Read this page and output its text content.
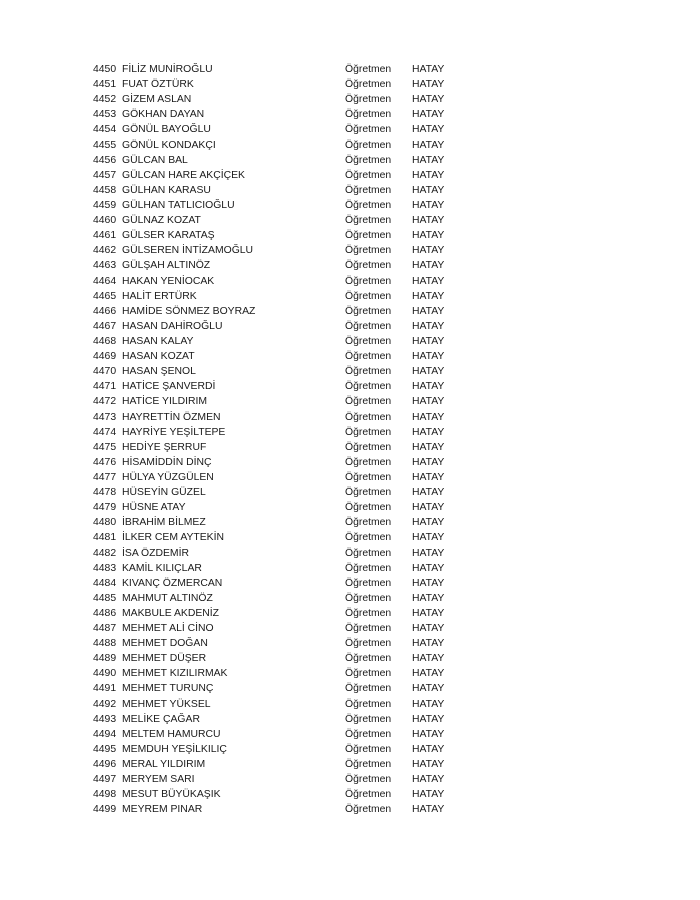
4450 FİLİZ MUNİROĞLU	Öğretmen HATAY
4451 FUAT ÖZTÜRK	Öğretmen HATAY
4452 GİZEM ASLAN	Öğretmen HATAY
4453 GÖKHAN DAYAN	Öğretmen HATAY
4454 GÖNÜL BAYOĞLU	Öğretmen HATAY
4455 GÖNÜL KONDAKÇI	Öğretmen HATAY
4456 GÜLCAN BAL	Öğretmen HATAY
4457 GÜLCAN HARE AKÇİÇEK	Öğretmen HATAY
4458 GÜLHAN KARASU	Öğretmen HATAY
4459 GÜLHAN TATLICIOĞLU	Öğretmen HATAY
4460 GÜLNAZ KOZAT	Öğretmen HATAY
4461 GÜLSER KARATAŞ	Öğretmen HATAY
4462 GÜLSEREN İNTİZAMOĞLU	Öğretmen HATAY
4463 GÜLŞAH ALTINÖZ	Öğretmen HATAY
4464 HAKAN YENİOCAK	Öğretmen HATAY
4465 HALİT ERTÜRK	Öğretmen HATAY
4466 HAMİDE SÖNMEZ BOYRAZ	Öğretmen HATAY
4467 HASAN DAHİROĞLU	Öğretmen HATAY
4468 HASAN KALAY	Öğretmen HATAY
4469 HASAN KOZAT	Öğretmen HATAY
4470 HASAN ŞENOL	Öğretmen HATAY
4471 HATİCE ŞANVERDİ	Öğretmen HATAY
4472 HATİCE YILDIRIM	Öğretmen HATAY
4473 HAYRETTİN ÖZMEN	Öğretmen HATAY
4474 HAYRİYE YEŞİLTEPE	Öğretmen HATAY
4475 HEDİYE ŞERRUF	Öğretmen HATAY
4476 HİSAMİDDİN DİNÇ	Öğretmen HATAY
4477 HÜLYA YÜZGÜLEN	Öğretmen HATAY
4478 HÜSEYİN GÜZEL	Öğretmen HATAY
4479 HÜSNE ATAY	Öğretmen HATAY
4480 İBRAHİM BİLMEZ	Öğretmen HATAY
4481 İLKER CEM AYTEKİN	Öğretmen HATAY
4482 İSA ÖZDEMİR	Öğretmen HATAY
4483 KAMİL KILIÇLAR	Öğretmen HATAY
4484 KIVANÇ ÖZMERCAN	Öğretmen HATAY
4485 MAHMUT ALTINÖZ	Öğretmen HATAY
4486 MAKBULE AKDENİZ	Öğretmen HATAY
4487 MEHMET ALİ CİNO	Öğretmen HATAY
4488 MEHMET DOĞAN	Öğretmen HATAY
4489 MEHMET DÜŞER	Öğretmen HATAY
4490 MEHMET KIZILIRMAK	Öğretmen HATAY
4491 MEHMET TURUNÇ	Öğretmen HATAY
4492 MEHMET YÜKSEL	Öğretmen HATAY
4493 MELİKE ÇAĞAR	Öğretmen HATAY
4494 MELTEM HAMURCU	Öğretmen HATAY
4495 MEMDUH YEŞİLKILIÇ	Öğretmen HATAY
4496 MERAL YILDIRIM	Öğretmen HATAY
4497 MERYEM SARI	Öğretmen HATAY
4498 MESUT BÜYÜKAŞIK	Öğretmen HATAY
4499 MEYREM PINAR	Öğretmen HATAY
